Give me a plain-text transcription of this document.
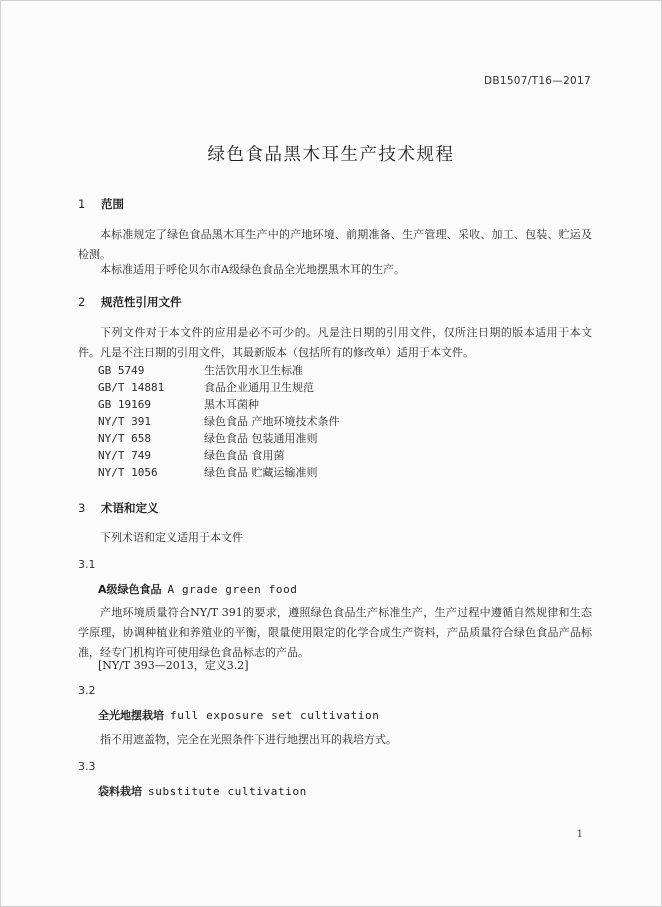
DB1507/T16—2017
绿色食品黑木耳生产技术规程
1 范围
本标准规定了绿色食品黑木耳生产中的产地环境、前期准备、生产管理、采收、加工、包装、贮运及检测。
本标准适用于呼伦贝尔市A级绿色食品全光地摆黑木耳的生产。
2 规范性引用文件
下列文件对于本文件的应用是必不可少的。凡是注日期的引用文件，仅所注日期的版本适用于本文件。凡是不注日期的引用文件，其最新版本（包括所有的修改单）适用于本文件。
GB 5749	生活饮用水卫生标准
GB/T 14881	食品企业通用卫生规范
GB 19169	黑木耳菌种
NY/T 391	绿色食品 产地环境技术条件
NY/T 658	绿色食品 包装通用准则
NY/T 749	绿色食品 食用菌
NY/T 1056	绿色食品 贮藏运输准则
3 术语和定义
下列术语和定义适用于本文件
3.1
A级绿色食品 A grade green food
产地环境质量符合NY/T 391的要求，遵照绿色食品生产标准生产，生产过程中遵循自然规律和生态学原理，协调种植业和养殖业的平衡，限量使用限定的化学合成生产资料，产品质量符合绿色食品产品标准，经专门机构许可使用绿色食品标志的产品。
[NY/T 393—2013，定义3.2]
3.2
全光地摆栽培 full exposure set cultivation
指不用遮盖物，完全在光照条件下进行地摆出耳的栽培方式。
3.3
袋料栽培 substitute cultivation
1
